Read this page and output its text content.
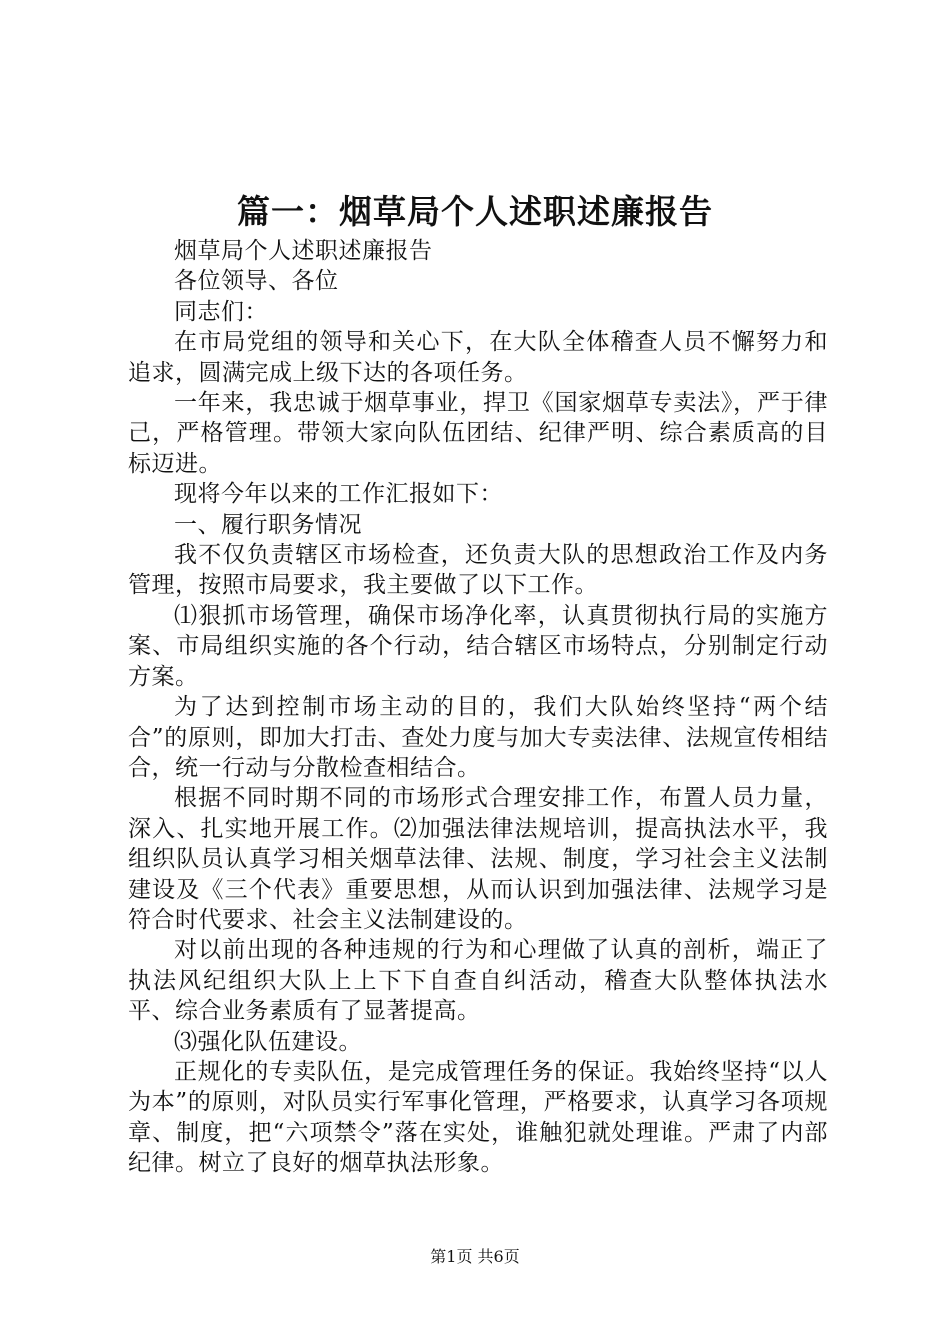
篇一：烟草局个人述职述廉报告

烟草局个人述职述廉报告

各位领导、各位

同志们：

在市局党组的领导和关心下，在大队全体稽查人员不懈努力和追求，圆满完成上级下达的各项任务。

一年来，我忠诚于烟草事业，捍卫《国家烟草专卖法》，严于律己，严格管理。带领大家向队伍团结、纪律严明、综合素质高的目标迈进。

现将今年以来的工作汇报如下：

一、履行职务情况

我不仅负责辖区市场检查，还负责大队的思想政治工作及内务管理，按照市局要求，我主要做了以下工作。

⑴狠抓市场管理，确保市场净化率，认真贯彻执行局的实施方案、市局组织实施的各个行动，结合辖区市场特点，分别制定行动方案。

为了达到控制市场主动的目的，我们大队始终坚持“两个结合”的原则，即加大打击、查处力度与加大专卖法律、法规宣传相结合，统一行动与分散检查相结合。

根据不同时期不同的市场形式合理安排工作，布置人员力量，深入、扎实地开展工作。⑵加强法律法规培训，提高执法水平，我组织队员认真学习相关烟草法律、法规、制度，学习社会主义法制建设及《三个代表》重要思想，从而认识到加强法律、法规学习是符合时代要求、社会主义法制建设的。

对以前出现的各种违规的行为和心理做了认真的剖析，端正了执法风纪组织大队上上下下自查自纠活动，稽查大队整体执法水平、综合业务素质有了显著提高。

⑶强化队伍建设。

正规化的专卖队伍，是完成管理任务的保证。我始终坚持“以人为本”的原则，对队员实行军事化管理，严格要求，认真学习各项规章、制度，把“六项禁令”落在实处，谁触犯就处理谁。严肃了内部纪律。树立了良好的烟草执法形象。

第1页 共6页
